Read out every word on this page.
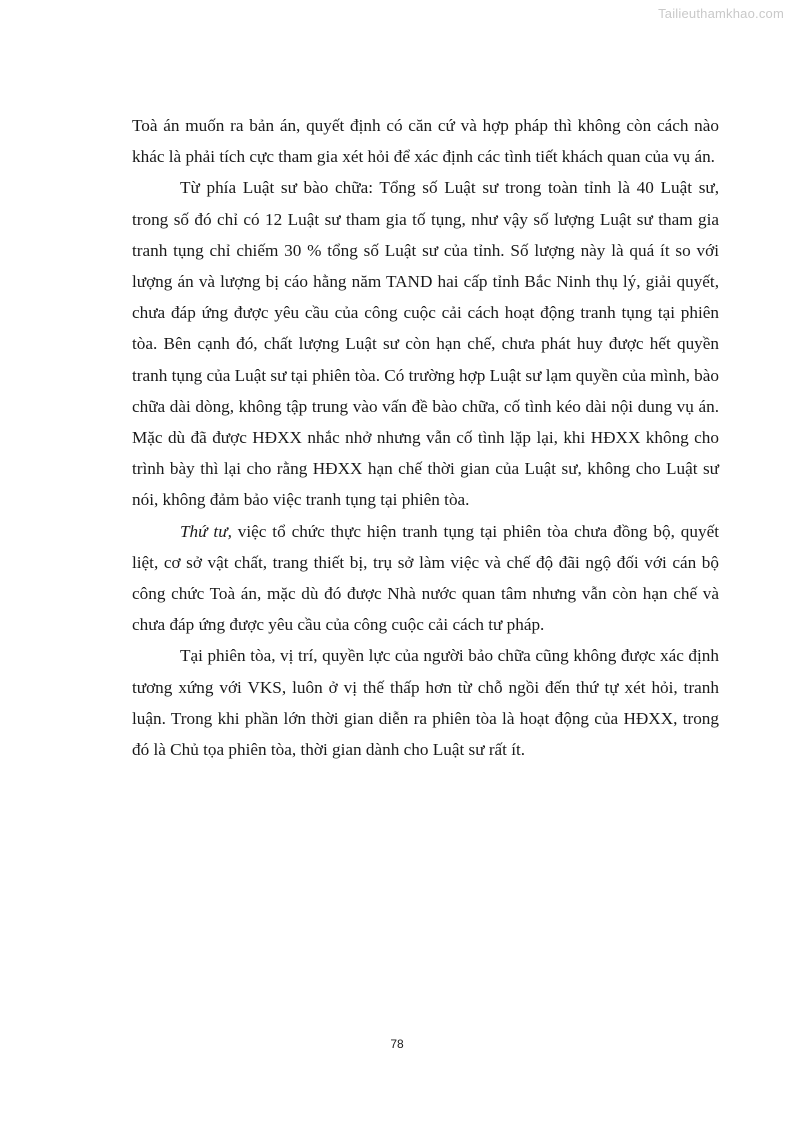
Tailieuthamkhao.com

Toà án muốn ra bản án, quyết định có căn cứ và hợp pháp thì không còn cách nào khác là phải tích cực tham gia xét hỏi để xác định các tình tiết khách quan của vụ án.

Từ phía Luật sư bào chữa: Tổng số Luật sư trong toàn tỉnh là 40 Luật sư, trong số đó chỉ có 12 Luật sư tham gia tố tụng, như vậy số lượng Luật sư tham gia tranh tụng chỉ chiếm 30 % tổng số Luật sư của tỉnh. Số lượng này là quá ít so với lượng án và lượng bị cáo hằng năm TAND hai cấp tỉnh Bắc Ninh thụ lý, giải quyết, chưa đáp ứng được yêu cầu của công cuộc cải cách hoạt động tranh tụng tại phiên tòa. Bên cạnh đó, chất lượng Luật sư còn hạn chế, chưa phát huy được hết quyền tranh tụng của Luật sư tại phiên tòa. Có trường hợp Luật sư lạm quyền của mình, bào chữa dài dòng, không tập trung vào vấn đề bào chữa, cố tình kéo dài nội dung vụ án. Mặc dù đã được HĐXX nhắc nhở nhưng vẫn cố tình lặp lại, khi HĐXX không cho trình bày thì lại cho rằng HĐXX hạn chế thời gian của Luật sư, không cho Luật sư nói, không đảm bảo việc tranh tụng tại phiên tòa.

Thứ tư, việc tổ chức thực hiện tranh tụng tại phiên tòa chưa đồng bộ, quyết liệt, cơ sở vật chất, trang thiết bị, trụ sở làm việc và chế độ đãi ngộ đối với cán bộ công chức Toà án, mặc dù đó được Nhà nước quan tâm nhưng vẫn còn hạn chế và chưa đáp ứng được yêu cầu của công cuộc cải cách tư pháp.

Tại phiên tòa, vị trí, quyền lực của người bảo chữa cũng không được xác định tương xứng với VKS, luôn ở vị thế thấp hơn từ chỗ ngồi đến thứ tự xét hỏi, tranh luận. Trong khi phần lớn thời gian diễn ra phiên tòa là hoạt động của HĐXX, trong đó là Chủ tọa phiên tòa, thời gian dành cho Luật sư rất ít.

78
